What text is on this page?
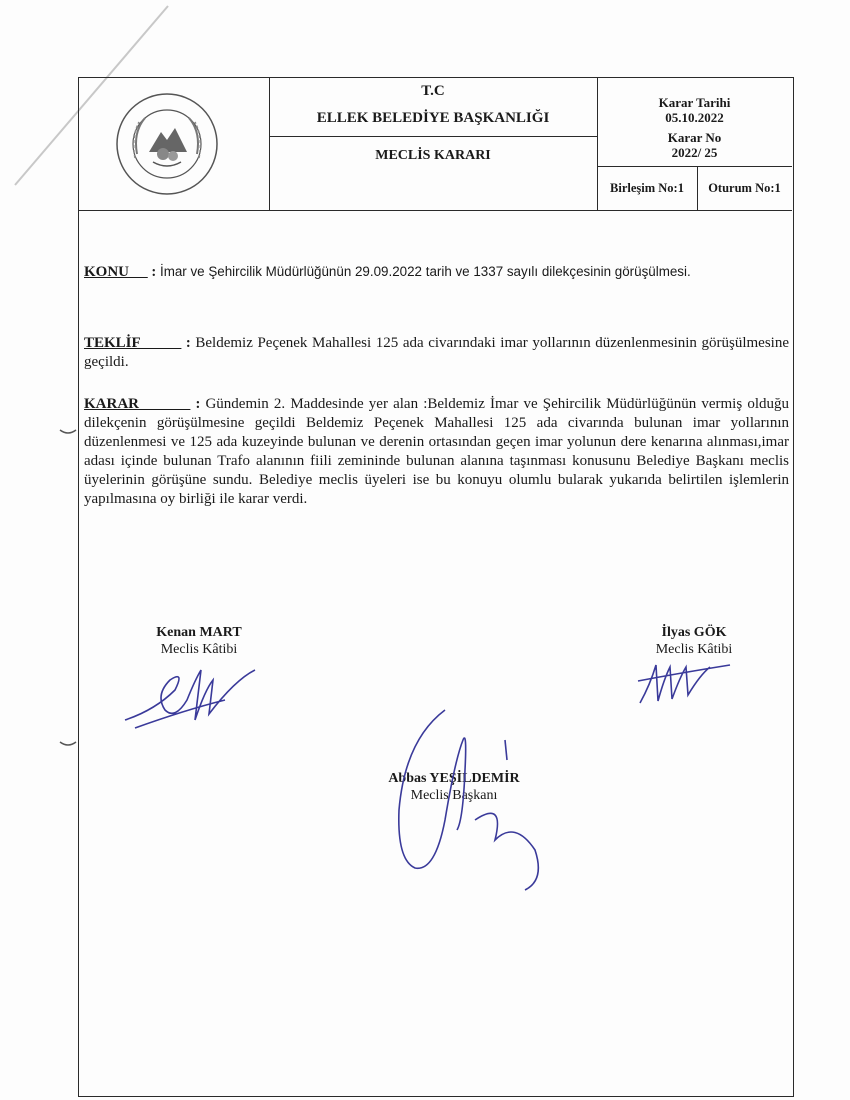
T.C
ELLEK BELEDİYE BAŞKANLIĞI
MECLİS KARARI
Karar Tarihi
05.10.2022
Karar No
2022/ 25
Birleşim No:1	Oturum No:1
KONU      : İmar ve Şehircilik Müdürlüğünün 29.09.2022 tarih ve 1337 sayılı dilekçesinin görüşülmesi.
TEKLİF          : Beldemiz Peçenek Mahallesi 125 ada civarındaki imar yollarının düzenlenmesinin görüşülmesine geçildi.
KARAR           : Gündemin 2. Maddesinde yer alan :Beldemiz İmar ve Şehircilik Müdürlüğünün vermiş olduğu dilekçenin görüşülmesine geçildi Beldemiz Peçenek Mahallesi 125 ada civarında bulunan imar yollarının düzenlenmesi ve 125 ada kuzeyinde bulunan ve derenin ortasından geçen imar yolunun dere kenarına alınması,imar adası içinde bulunan Trafo alanının fiili zemininde bulunan alanına taşınması konusunu Belediye Başkanı meclis üyelerinin görüşüne sundu. Belediye meclis üyeleri ise bu konuyu olumlu bularak yukarıda belirtilen işlemlerin yapılmasına oy birliği ile karar verdi.
Kenan MART
Meclis Kâtibi
İlyas GÖK
Meclis Kâtibi
Abbas YEŞİLDEMİR
Meclis Başkanı
